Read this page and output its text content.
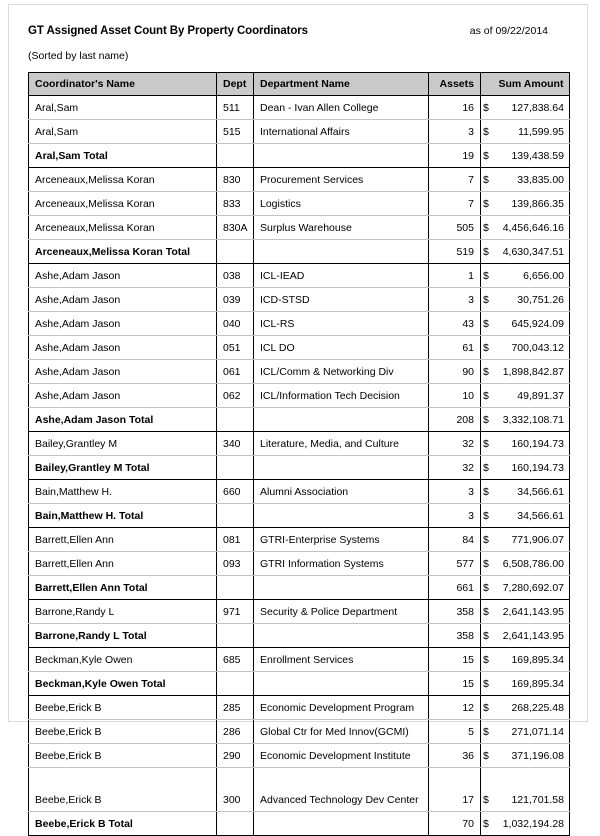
GT Assigned Asset Count By Property Coordinators	as of 09/22/2014
(Sorted by last name)
Coordinator's Name	Dept	Department Name	Assets		Sum Amount
Aral,Sam	511	Dean - Ivan Allen College	16	$	127,838.64
Aral,Sam	515	International Affairs	3	$	11,599.95
Aral,Sam Total			19	$	139,438.59
Arceneaux,Melissa Koran	830	Procurement Services	7	$	33,835.00
Arceneaux,Melissa Koran	833	Logistics	7	$	139,866.35
Arceneaux,Melissa Koran	830A	Surplus Warehouse	505	$	4,456,646.16
Arceneaux,Melissa Koran Total			519	$	4,630,347.51
Ashe,Adam Jason	038	ICL-IEAD	1	$	6,656.00
Ashe,Adam Jason	039	ICD-STSD	3	$	30,751.26
Ashe,Adam Jason	040	ICL-RS	43	$	645,924.09
Ashe,Adam Jason	051	ICL DO	61	$	700,043.12
Ashe,Adam Jason	061	ICL/Comm & Networking Div	90	$	1,898,842.87
Ashe,Adam Jason	062	ICL/Information Tech Decision	10	$	49,891.37
Ashe,Adam Jason Total			208	$	3,332,108.71
Bailey,Grantley M	340	Literature, Media, and Culture	32	$	160,194.73
Bailey,Grantley M Total			32	$	160,194.73
Bain,Matthew H.	660	Alumni Association	3	$	34,566.61
Bain,Matthew H. Total			3	$	34,566.61
Barrett,Ellen Ann	081	GTRI-Enterprise Systems	84	$	771,906.07
Barrett,Ellen Ann	093	GTRI Information Systems	577	$	6,508,786.00
Barrett,Ellen Ann Total			661	$	7,280,692.07
Barrone,Randy L	971	Security & Police Department	358	$	2,641,143.95
Barrone,Randy L Total			358	$	2,641,143.95
Beckman,Kyle Owen	685	Enrollment Services	15	$	169,895.34
Beckman,Kyle Owen Total			15	$	169,895.34
Beebe,Erick B	285	Economic Development Program	12	$	268,225.48
Beebe,Erick B	286	Global Ctr for Med Innov(GCMI)	5	$	271,071.14
Beebe,Erick B	290	Economic Development Institute	36	$	371,196.08
Beebe,Erick B	300	Advanced Technology Dev Center	17	$	121,701.58
Beebe,Erick B Total			70	$	1,032,194.28
